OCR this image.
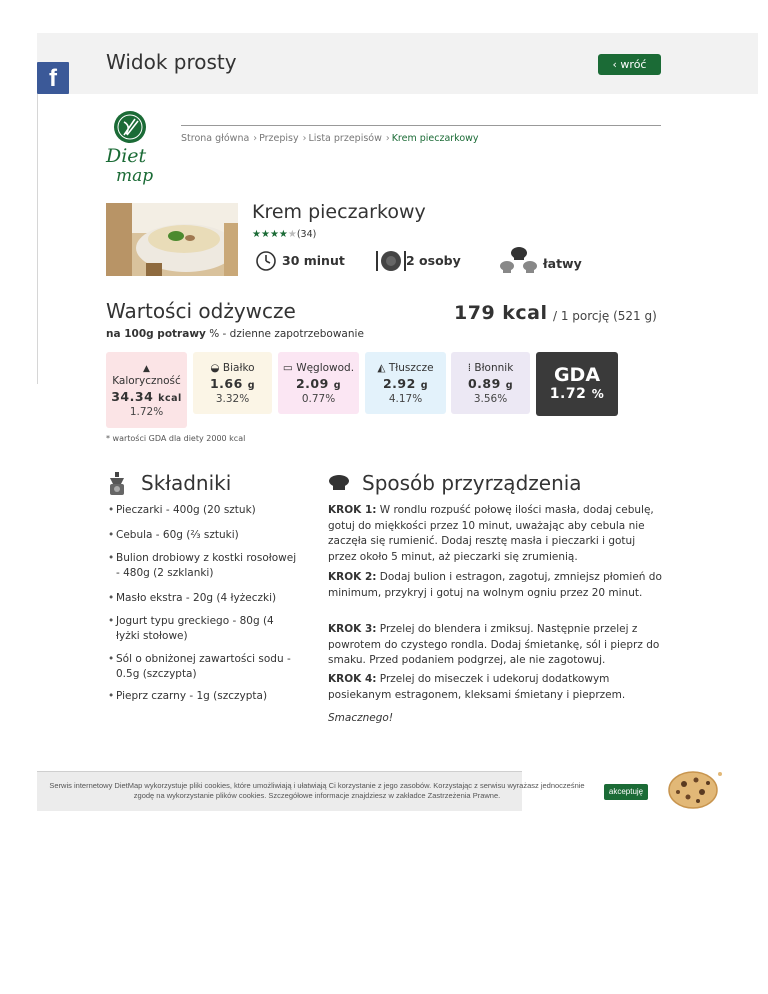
f
Widok prosty	‹ wróć
Diet
map
Strona główna › Przepisy › Lista przepisów › Krem pieczarkowy
Krem pieczarkowy
★★★★★(34)
30 minut	2 osoby	łatwy
Wartości odżywcze	179 kcal / 1 porcję (521 g)
na 100g potrawy % - dzienne zapotrzebowanie
▲
Kaloryczność
34.34 kcal
1.72%
◒ Białko
1.66 g
3.32%
▭ Węglowod.
2.09 g
0.77%
◭ Tłuszcze
2.92 g
4.17%
⁞ Błonnik
0.89 g
3.56%
GDA
1.72 %
* wartości GDA dla diety 2000 kcal
Składniki
• Pieczarki - 400g (20 sztuk)
• Cebula - 60g (⅔ sztuki)
• Bulion drobiowy z kostki rosołowej - 480g (2 szklanki)
• Masło ekstra - 20g (4 łyżeczki)
• Jogurt typu greckiego - 80g (4 łyżki stołowe)
• Sól o obniżonej zawartości sodu - 0.5g (szczypta)
• Pieprz czarny - 1g (szczypta)
Sposób przyrządzenia
KROK 1: W rondlu rozpuść połowę ilości masła, dodaj cebulę, gotuj do miękkości przez 10 minut, uważając aby cebula nie zaczęła się rumienić. Dodaj resztę masła i pieczarki i gotuj przez około 5 minut, aż pieczarki się zrumienią.
KROK 2: Dodaj bulion i estragon, zagotuj, zmniejsz płomień do minimum, przykryj i gotuj na wolnym ogniu przez 20 minut.
KROK 3: Przelej do blendera i zmiksuj. Następnie przelej z powrotem do czystego rondla. Dodaj śmietankę, sól i pieprz do smaku. Przed podaniem podgrzej, ale nie zagotowuj.
KROK 4: Przelej do miseczek i udekoruj dodatkowym posiekanym estragonem, kleksami śmietany i pieprzem.
Smacznego!
Serwis internetowy DietMap wykorzystuje pliki cookies, które umożliwiają i ułatwiają Ci korzystanie z jego zasobów. Korzystając z serwisu wyrażasz jednocześnie
zgodę na wykorzystanie plików cookies. Szczegółowe informacje znajdziesz w zakładce Zastrzeżenia Prawne.	akceptuję
